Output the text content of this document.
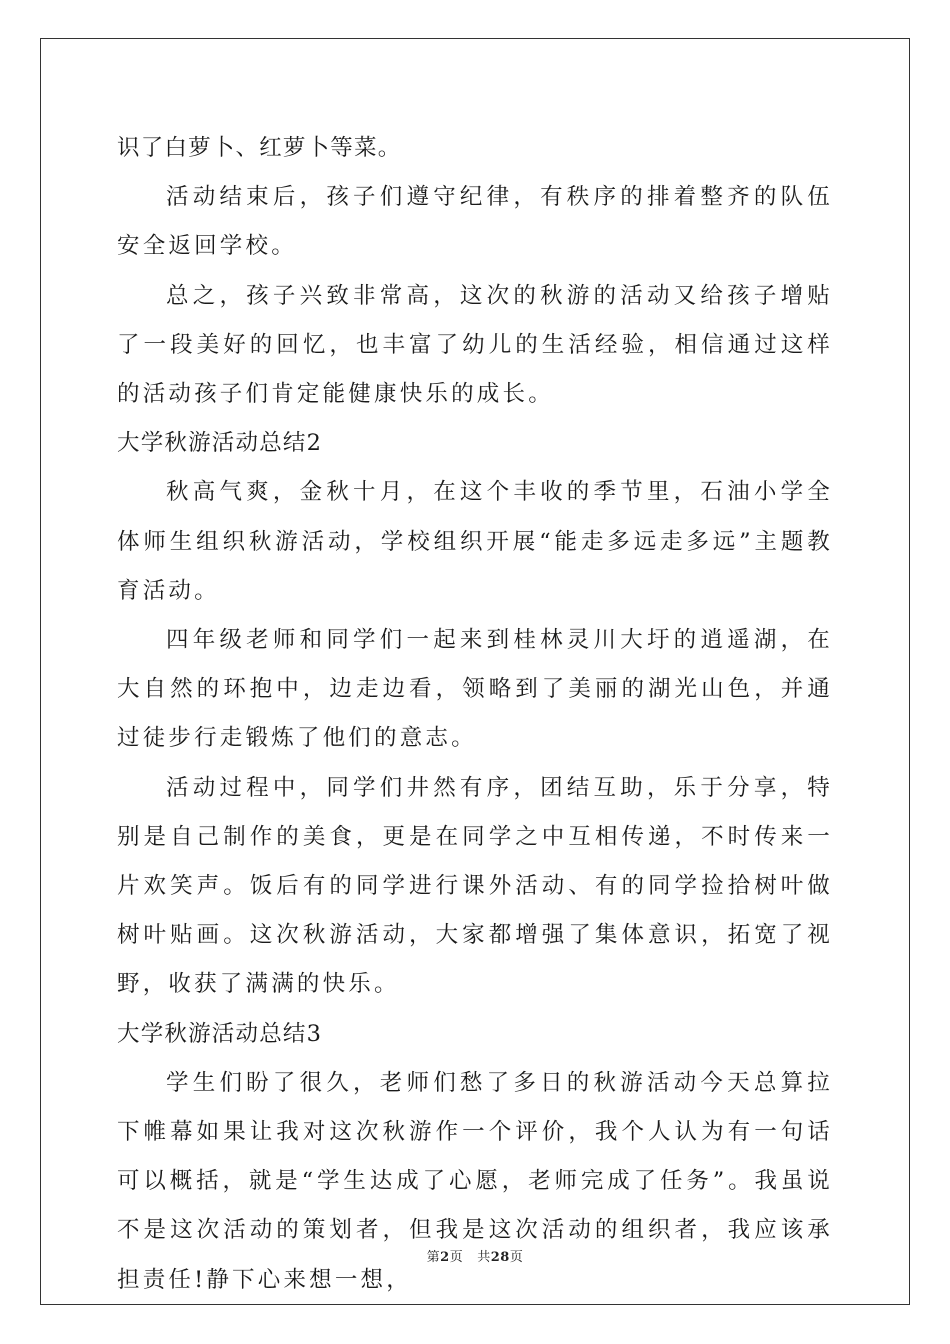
识了白萝卜、红萝卜等菜。

活动结束后，孩子们遵守纪律，有秩序的排着整齐的队伍安全返回学校。

总之，孩子兴致非常高，这次的秋游的活动又给孩子增贴了一段美好的回忆，也丰富了幼儿的生活经验，相信通过这样的活动孩子们肯定能健康快乐的成长。

大学秋游活动总结2

秋高气爽，金秋十月，在这个丰收的季节里，石油小学全体师生组织秋游活动，学校组织开展“能走多远走多远”主题教育活动。

四年级老师和同学们一起来到桂林灵川大圩的逍遥湖，在大自然的环抱中，边走边看，领略到了美丽的湖光山色，并通过徒步行走锻炼了他们的意志。

活动过程中，同学们井然有序，团结互助，乐于分享，特别是自己制作的美食，更是在同学之中互相传递，不时传来一片欢笑声。饭后有的同学进行课外活动、有的同学捡拾树叶做树叶贴画。这次秋游活动，大家都增强了集体意识，拓宽了视野，收获了满满的快乐。

大学秋游活动总结3

学生们盼了很久，老师们愁了多日的秋游活动今天总算拉下帷幕如果让我对这次秋游作一个评价，我个人认为有一句话可以概括，就是“学生达成了心愿，老师完成了任务”。我虽说不是这次活动的策划者，但我是这次活动的组织者，我应该承担责任!静下心来想一想，

第2页 共28页
